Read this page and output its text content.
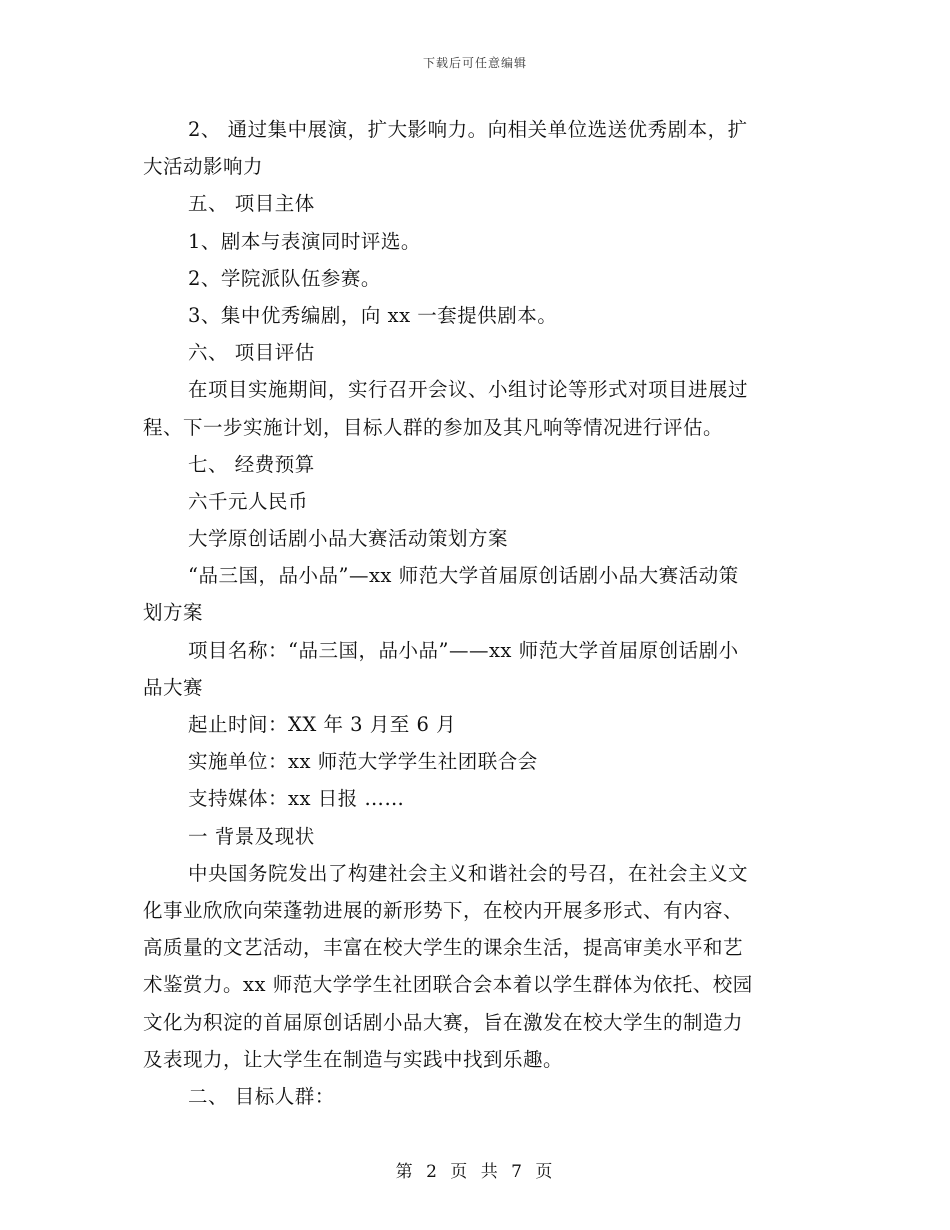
下载后可任意编辑
2、 通过集中展演，扩大影响力。向相关单位选送优秀剧本，扩
大活动影响力
五、 项目主体
1、剧本与表演同时评选。
2、学院派队伍参赛。
3、集中优秀编剧，向 xx 一套提供剧本。
六、 项目评估
在项目实施期间，实行召开会议、小组讨论等形式对项目进展过
程、下一步实施计划，目标人群的参加及其凡响等情况进行评估。
七、 经费预算
六千元人民币
大学原创话剧小品大赛活动策划方案
“品三国，品小品”—xx 师范大学首届原创话剧小品大赛活动策
划方案
项目名称：“品三国，品小品”——xx 师范大学首届原创话剧小
品大赛
起止时间：XX 年 3 月至 6 月
实施单位：xx 师范大学学生社团联合会
支持媒体：xx 日报 ……
一 背景及现状
中央国务院发出了构建社会主义和谐社会的号召，在社会主义文
化事业欣欣向荣蓬勃进展的新形势下，在校内开展多形式、有内容、
高质量的文艺活动，丰富在校大学生的课余生活，提高审美水平和艺
术鉴赏力。xx 师范大学学生社团联合会本着以学生群体为依托、校园
文化为积淀的首届原创话剧小品大赛，旨在激发在校大学生的制造力
及表现力，让大学生在制造与实践中找到乐趣。
二、 目标人群：
第 2 页 共 7 页
